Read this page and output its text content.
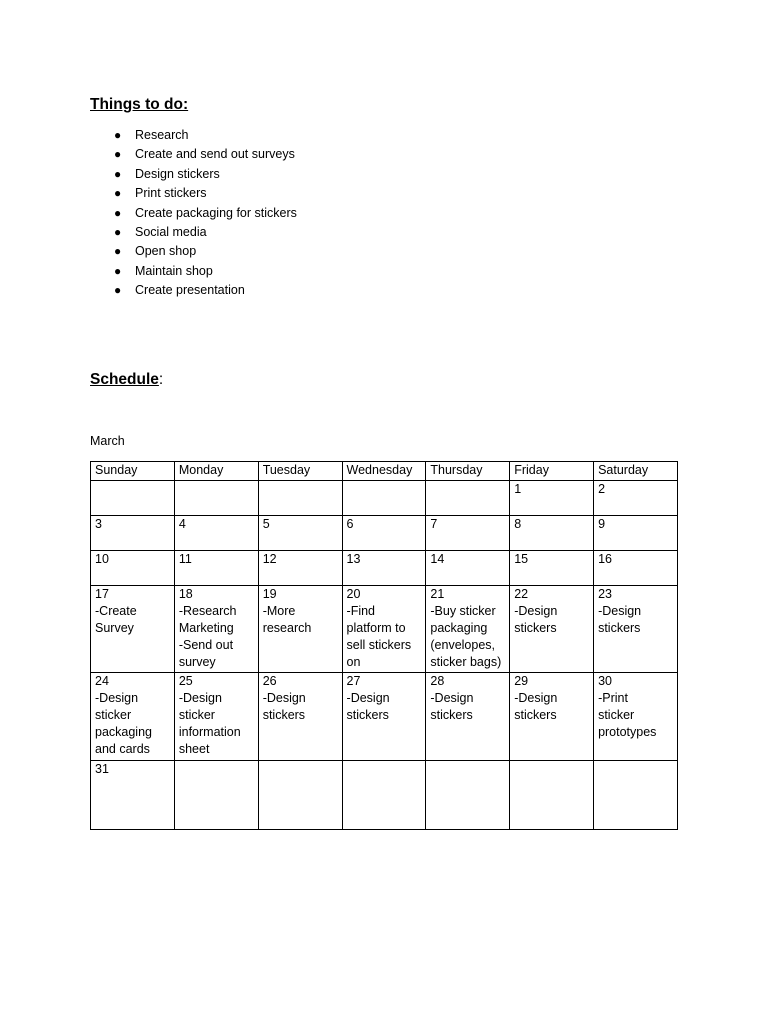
Things to do:
● Research
● Create and send out surveys
● Design stickers
● Print stickers
● Create packaging for stickers
● Social media
● Open shop
● Maintain shop
● Create presentation
Schedule:
March
Sunday	Monday	Tuesday	Wednesday	Thursday	Friday	Saturday

					1	2

3	4	5	6	7	8	9

10	11	12	13	14	15	16

17
-Create
Survey	18
-Research
Marketing
-Send out
survey	19
-More
research	20
-Find
platform to
sell stickers
on	21
-Buy sticker
packaging
(envelopes,
sticker bags)	22
-Design
stickers	23
-Design
stickers

24
-Design
sticker
packaging
and cards	25
-Design
sticker
information
sheet	26
-Design
stickers	27
-Design
stickers	28
-Design
stickers	29
-Design
stickers	30
-Print
sticker
prototypes

31						
